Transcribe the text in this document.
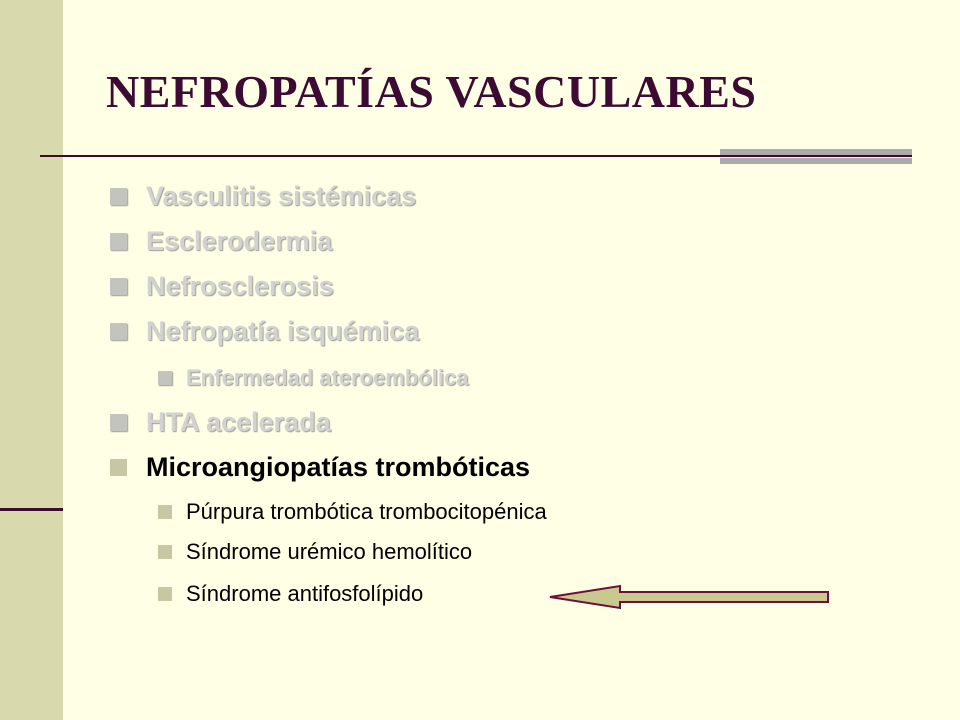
NEFROPATÍAS VASCULARES
Vasculitis sistémicas
Esclerodermia
Nefrosclerosis
Nefropatía isquémica
Enfermedad ateroembólica
HTA acelerada
Microangiopatías trombóticas
Púrpura trombótica trombocitopénica
Síndrome urémico hemolítico
Síndrome antifosfolípido
